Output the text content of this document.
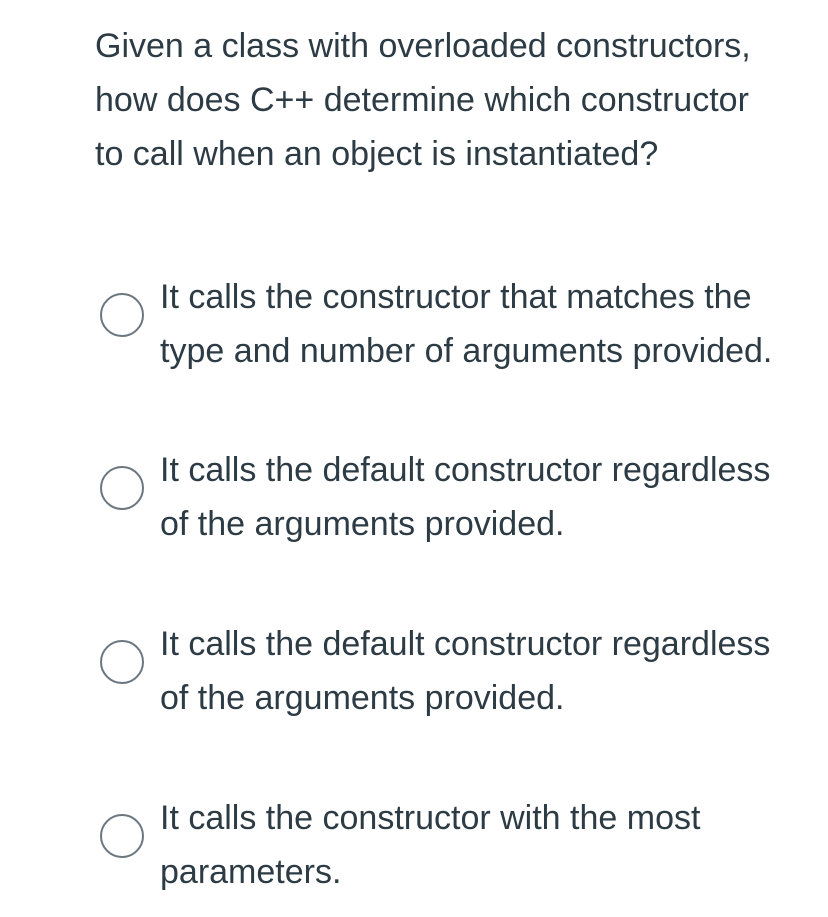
Given a class with overloaded constructors, how does C++ determine which constructor to call when an object is instantiated?

It calls the constructor that matches the type and number of arguments provided.
It calls the default constructor regardless of the arguments provided.
It calls the default constructor regardless of the arguments provided.
It calls the constructor with the most parameters.
